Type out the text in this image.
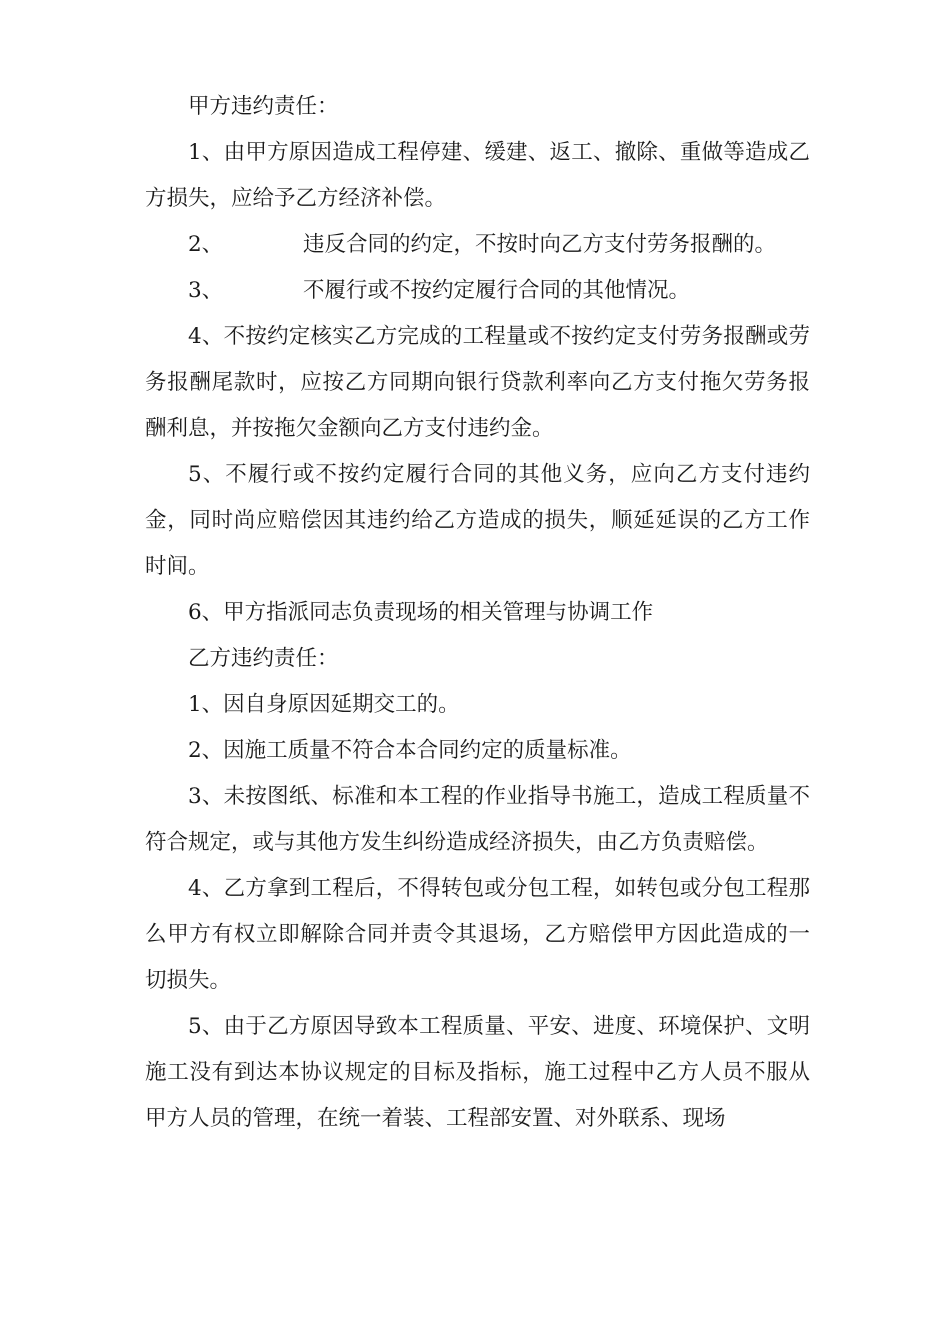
甲方违约责任：

1、由甲方原因造成工程停建、缓建、返工、撤除、重做等造成乙方损失，应给予乙方经济补偿。

2、	违反合同的约定，不按时向乙方支付劳务报酬的。

3、	不履行或不按约定履行合同的其他情况。

4、不按约定核实乙方完成的工程量或不按约定支付劳务报酬或劳务报酬尾款时，应按乙方同期向银行贷款利率向乙方支付拖欠劳务报酬利息，并按拖欠金额向乙方支付违约金。

5、不履行或不按约定履行合同的其他义务，应向乙方支付违约金，同时尚应赔偿因其违约给乙方造成的损失，顺延延误的乙方工作时间。

6、甲方指派同志负责现场的相关管理与协调工作

乙方违约责任：

1、因自身原因延期交工的。

2、因施工质量不符合本合同约定的质量标准。

3、未按图纸、标准和本工程的作业指导书施工，造成工程质量不符合规定，或与其他方发生纠纷造成经济损失，由乙方负责赔偿。

4、乙方拿到工程后，不得转包或分包工程，如转包或分包工程那么甲方有权立即解除合同并责令其退场，乙方赔偿甲方因此造成的一切损失。

5、由于乙方原因导致本工程质量、平安、进度、环境保护、文明施工没有到达本协议规定的目标及指标，施工过程中乙方人员不服从甲方人员的管理，在统一着装、工程部安置、对外联系、现场
